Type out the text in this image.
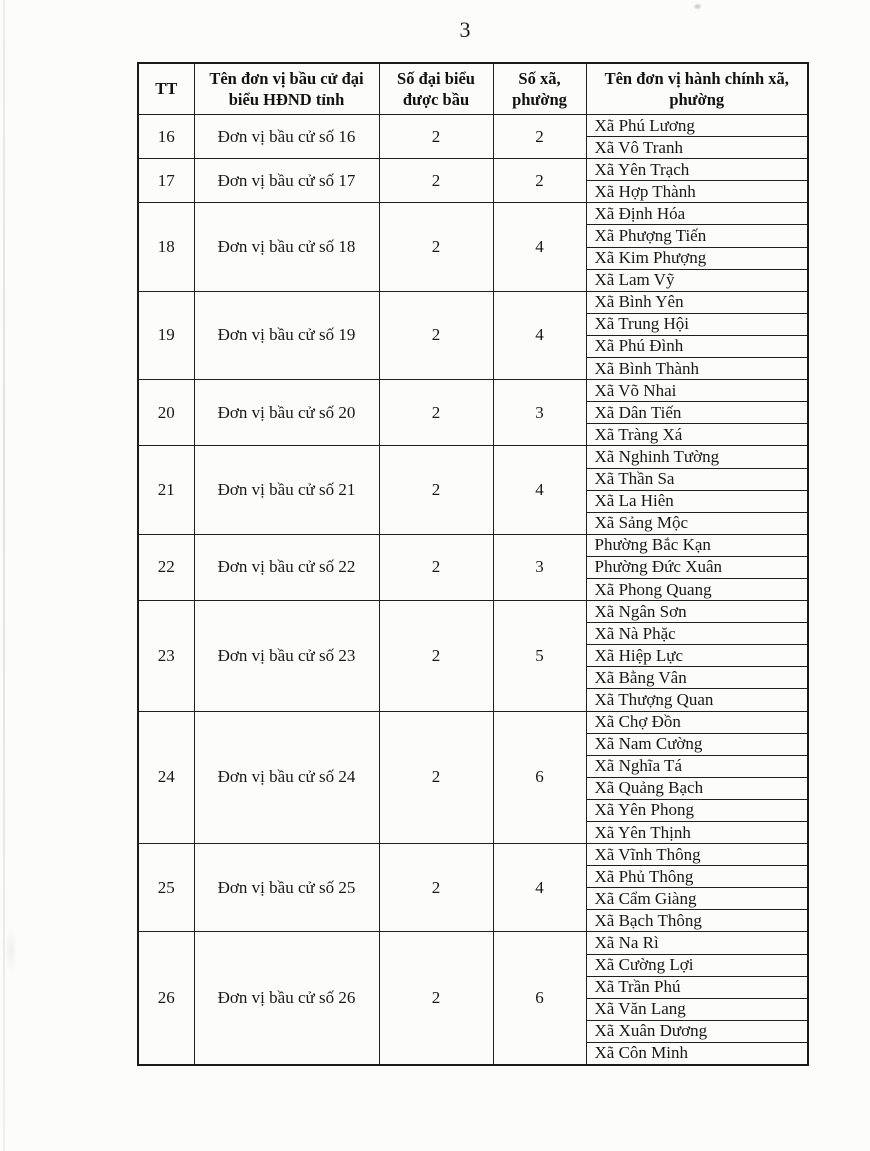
3
TT	Tên đơn vị bầu cử đại biểu HĐND tỉnh	Số đại biểu được bầu	Số xã, phường	Tên đơn vị hành chính xã, phường
16	Đơn vị bầu cử số 16	2	2	Xã Phú Lương
				Xã Vô Tranh
17	Đơn vị bầu cử số 17	2	2	Xã Yên Trạch
				Xã Hợp Thành
18	Đơn vị bầu cử số 18	2	4	Xã Định Hóa
				Xã Phượng Tiến
				Xã Kim Phượng
				Xã Lam Vỹ
19	Đơn vị bầu cử số 19	2	4	Xã Bình Yên
				Xã Trung Hội
				Xã Phú Đình
				Xã Bình Thành
20	Đơn vị bầu cử số 20	2	3	Xã Võ Nhai
				Xã Dân Tiến
				Xã Tràng Xá
21	Đơn vị bầu cử số 21	2	4	Xã Nghinh Tường
				Xã Thần Sa
				Xã La Hiên
				Xã Sảng Mộc
22	Đơn vị bầu cử số 22	2	3	Phường Bắc Kạn
				Phường Đức Xuân
				Xã Phong Quang
23	Đơn vị bầu cử số 23	2	5	Xã Ngân Sơn
				Xã Nà Phặc
				Xã Hiệp Lực
				Xã Bằng Vân
				Xã Thượng Quan
24	Đơn vị bầu cử số 24	2	6	Xã Chợ Đồn
				Xã Nam Cường
				Xã Nghĩa Tá
				Xã Quảng Bạch
				Xã Yên Phong
				Xã Yên Thịnh
25	Đơn vị bầu cử số 25	2	4	Xã Vĩnh Thông
				Xã Phủ Thông
				Xã Cẩm Giàng
				Xã Bạch Thông
26	Đơn vị bầu cử số 26	2	6	Xã Na Rì
				Xã Cường Lợi
				Xã Trần Phú
				Xã Văn Lang
				Xã Xuân Dương
				Xã Côn Minh
